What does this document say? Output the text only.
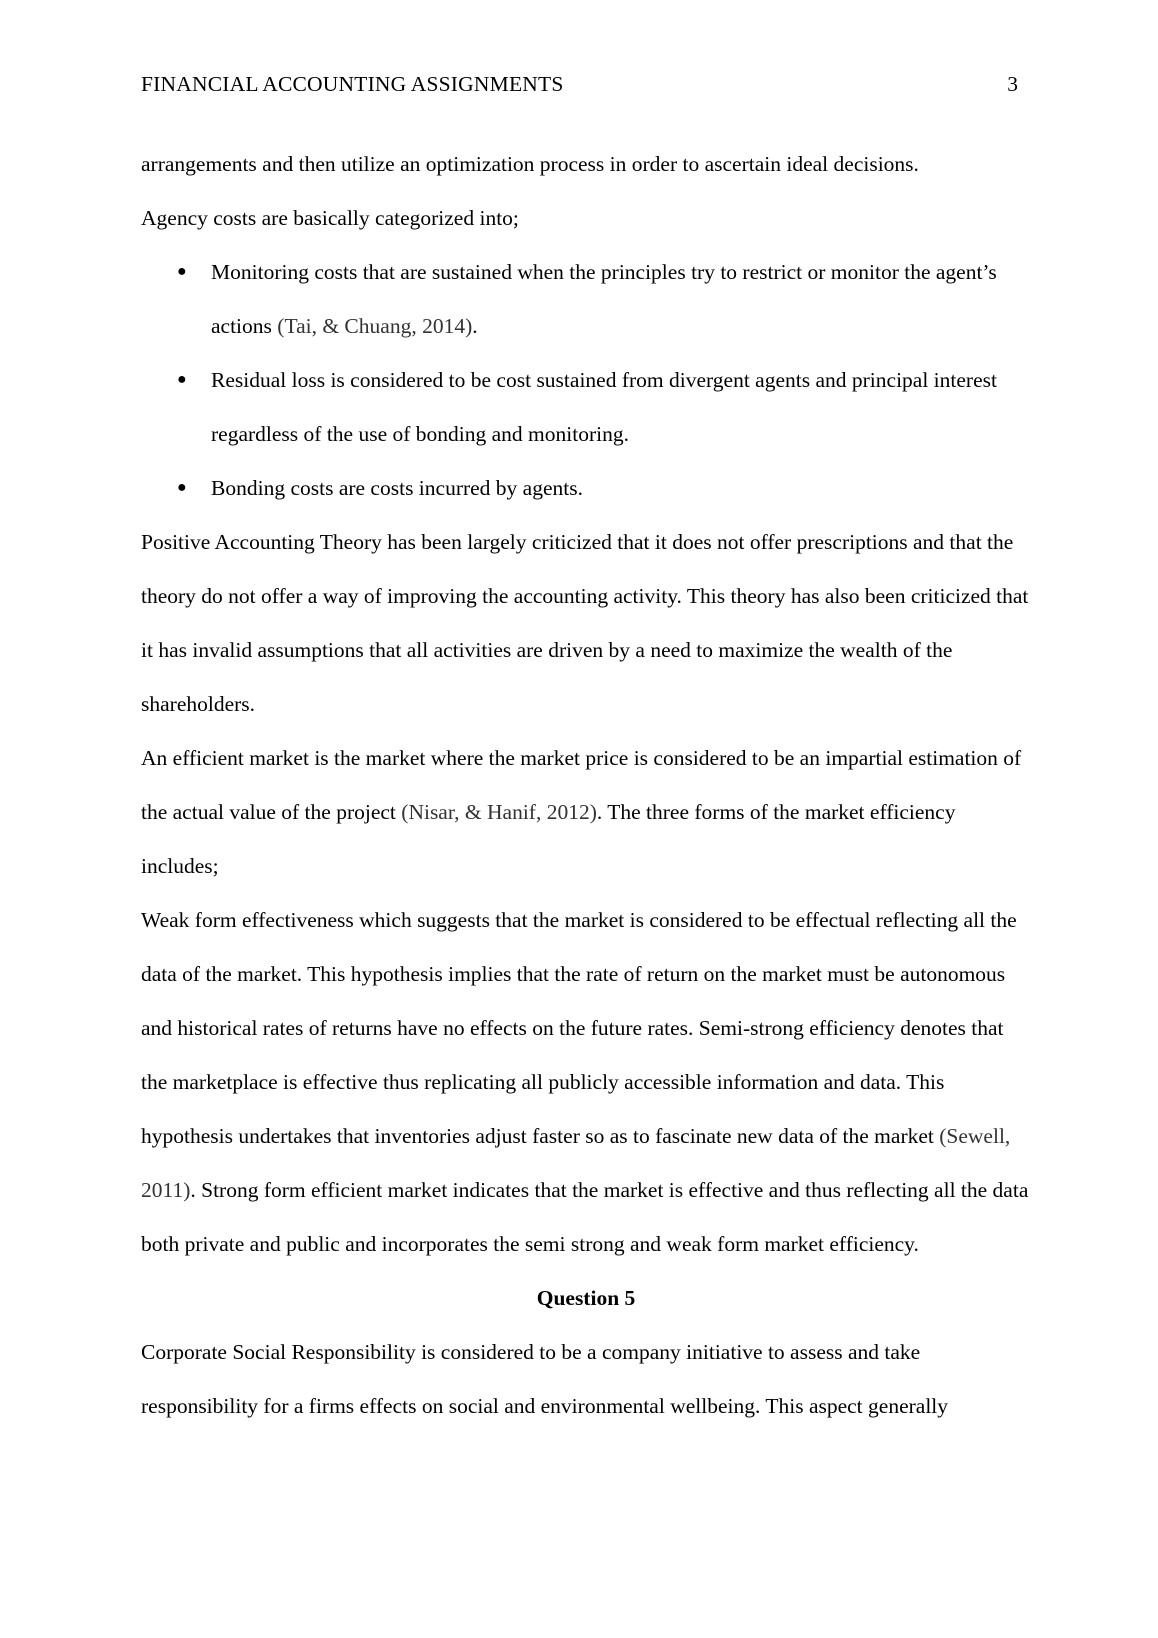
FINANCIAL ACCOUNTING ASSIGNMENTS	3

arrangements and then utilize an optimization process in order to ascertain ideal decisions.

Agency costs are basically categorized into;

● Monitoring costs that are sustained when the principles try to restrict or monitor the agent’s actions (Tai, & Chuang, 2014).
● Residual loss is considered to be cost sustained from divergent agents and principal interest regardless of the use of bonding and monitoring.
● Bonding costs are costs incurred by agents.

Positive Accounting Theory has been largely criticized that it does not offer prescriptions and that the theory do not offer a way of improving the accounting activity. This theory has also been criticized that it has invalid assumptions that all activities are driven by a need to maximize the wealth of the shareholders.

An efficient market is the market where the market price is considered to be an impartial estimation of the actual value of the project (Nisar, & Hanif, 2012). The three forms of the market efficiency includes;

Weak form effectiveness which suggests that the market is considered to be effectual reflecting all the data of the market. This hypothesis implies that the rate of return on the market must be autonomous and historical rates of returns have no effects on the future rates. Semi-strong efficiency denotes that the marketplace is effective thus replicating all publicly accessible information and data. This hypothesis undertakes that inventories adjust faster so as to fascinate new data of the market (Sewell, 2011). Strong form efficient market indicates that the market is effective and thus reflecting all the data both private and public and incorporates the semi strong and weak form market efficiency.

Question 5

Corporate Social Responsibility is considered to be a company initiative to assess and take responsibility for a firms effects on social and environmental wellbeing. This aspect generally
